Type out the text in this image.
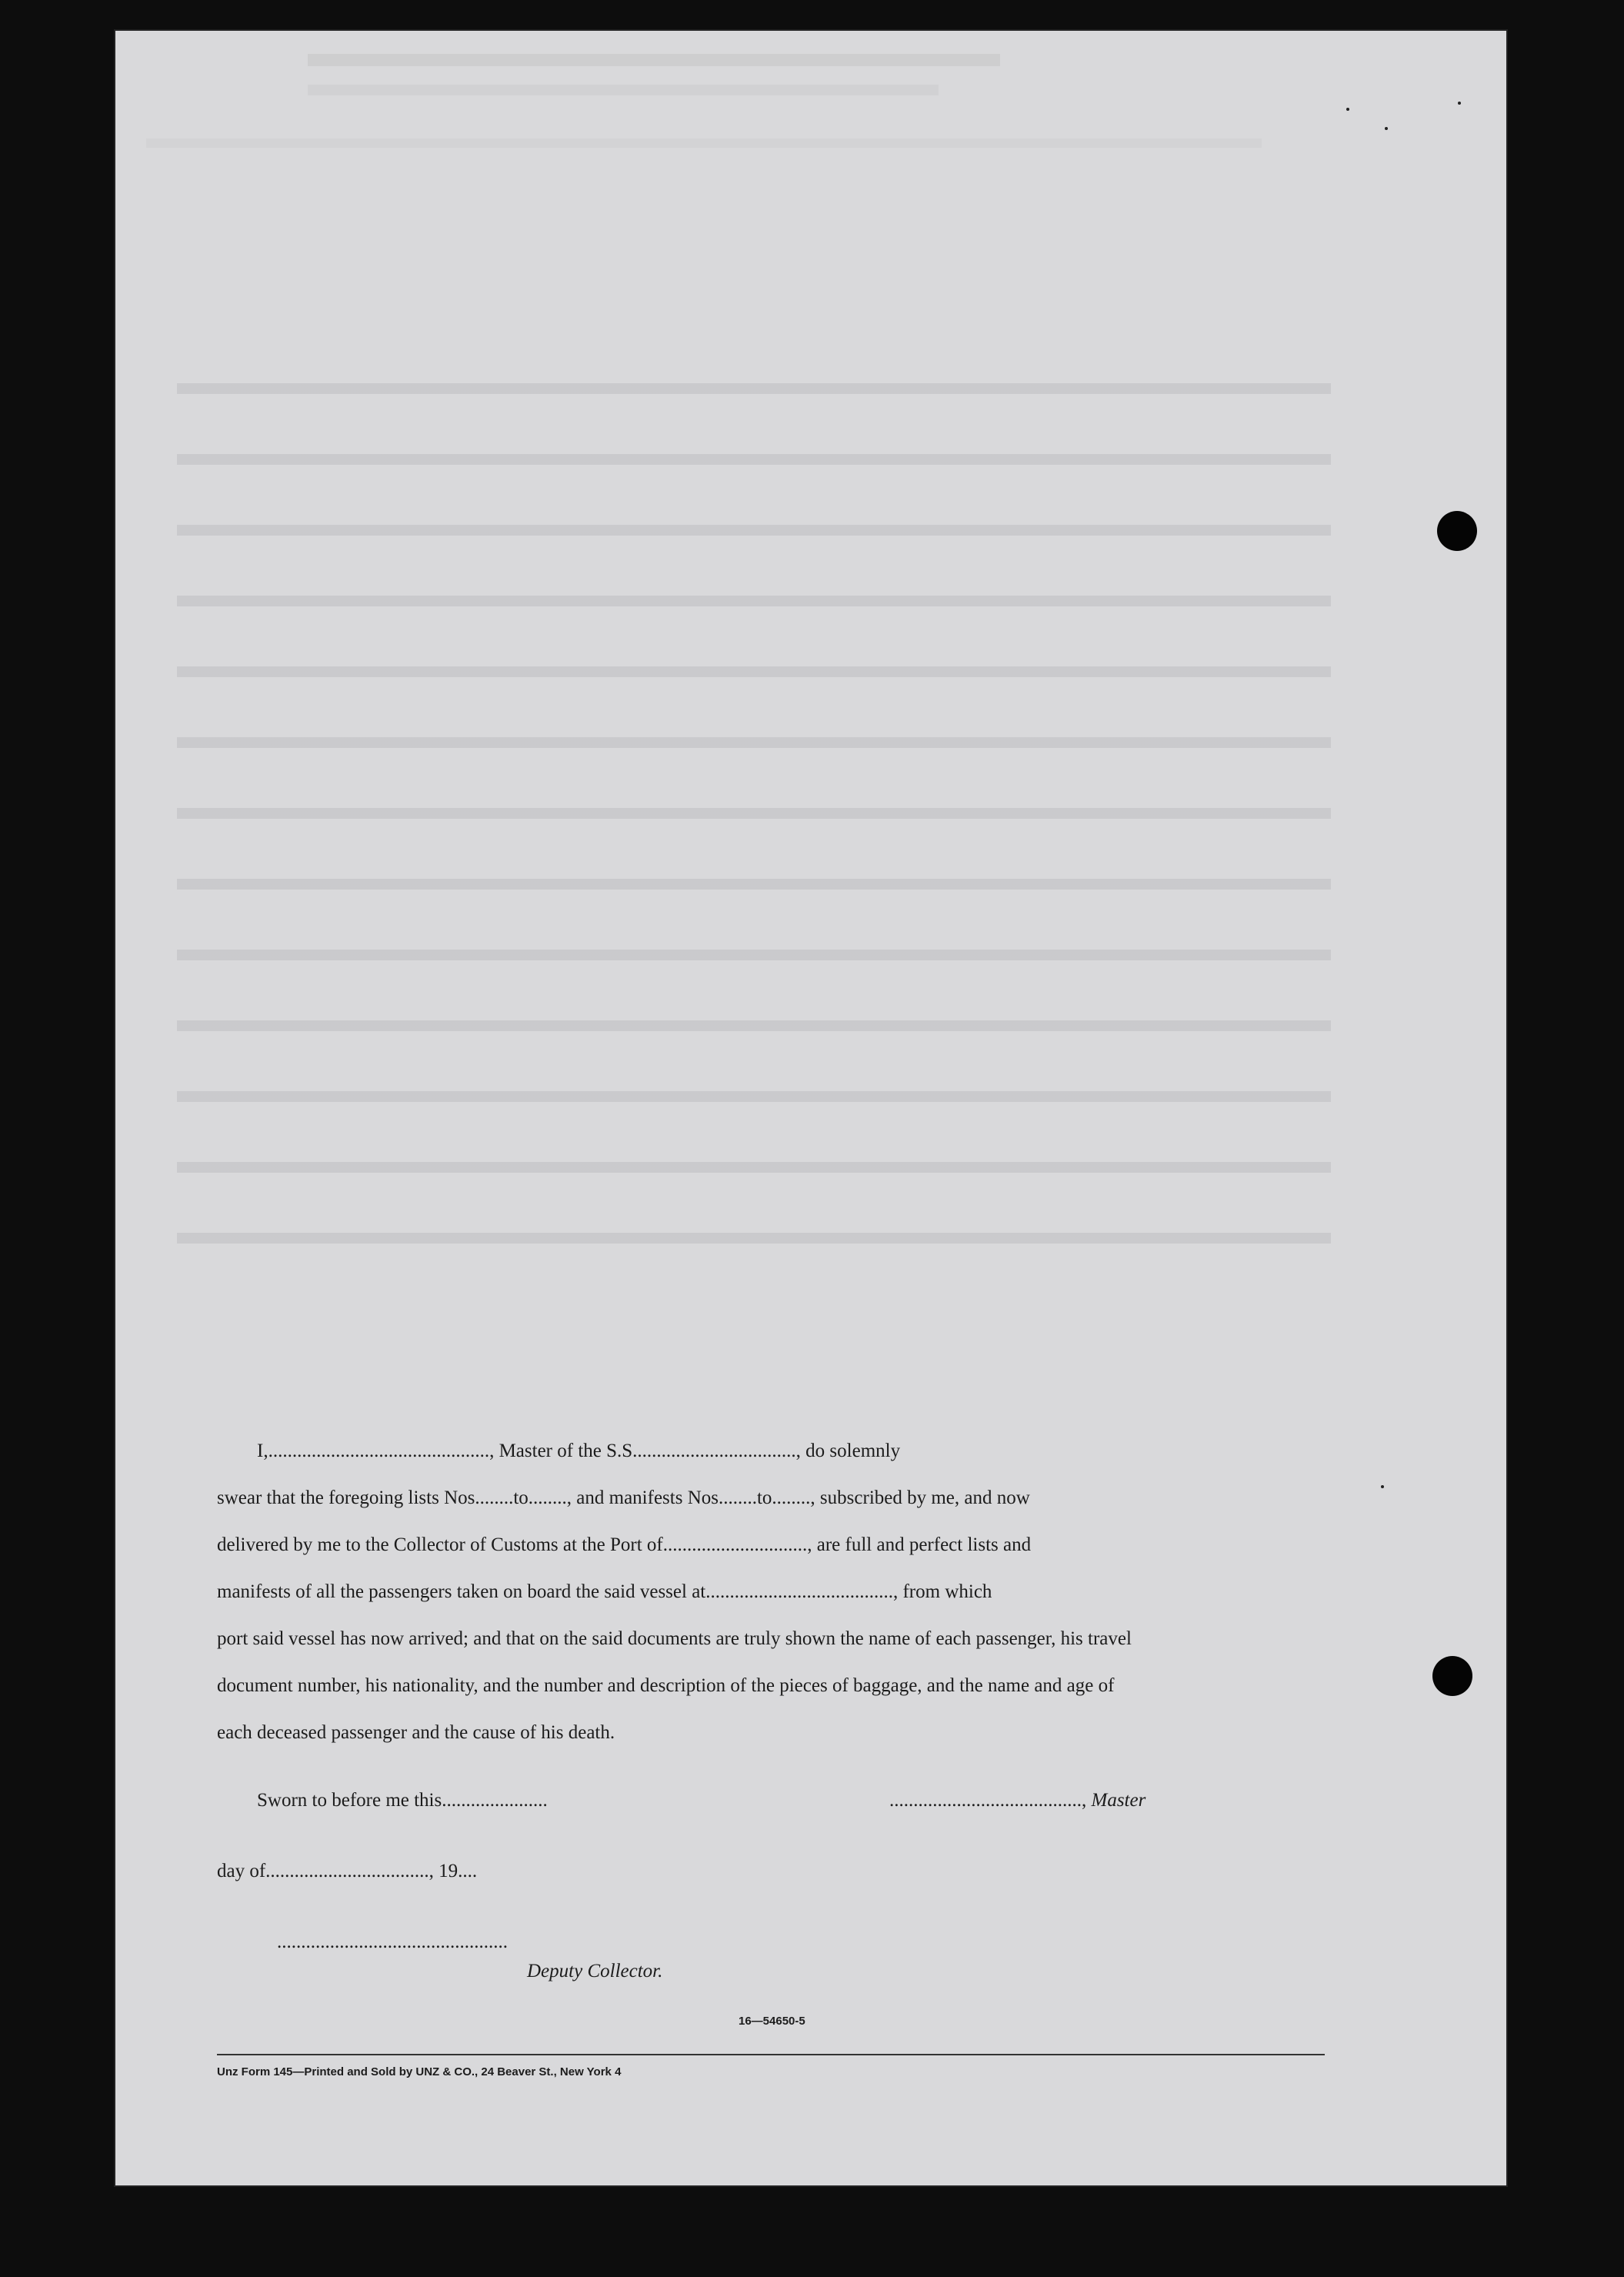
I,.............................................., Master of the S.S.................................., do solemnly
swear that the foregoing lists Nos........to........, and manifests Nos........to........, subscribed by me, and now
delivered by me to the Collector of Customs at the Port of.............................., are full and perfect lists and
manifests of all the passengers taken on board the said vessel at......................................., from which
port said vessel has now arrived; and that on the said documents are truly shown the name of each passenger, his travel
document number, his nationality, and the number and description of the pieces of baggage, and the name and age of
each deceased passenger and the cause of his death.
Sworn to before me this......................	........................................, Master
day of.................................., 19....
................................................
Deputy Collector.
16—54650-5
Unz Form 145—Printed and Sold by UNZ & CO., 24 Beaver St., New York 4
